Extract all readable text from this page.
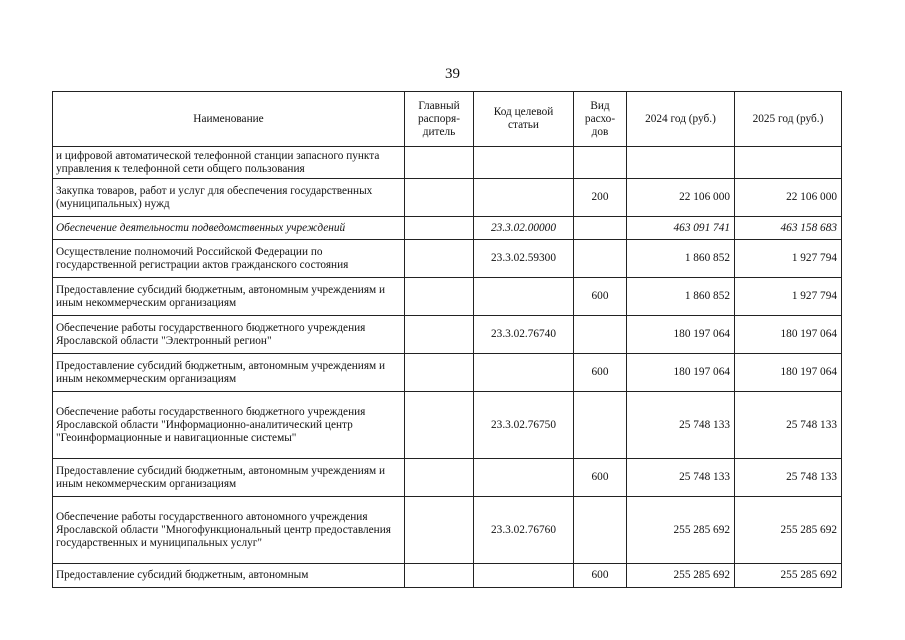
39
Наименование	Главный распоря-дитель	Код целевой статьи	Вид расхо-дов	2024 год (руб.)	2025 год (руб.)
и цифровой автоматической телефонной станции запасного пункта управления к телефонной сети общего пользования					
Закупка товаров, работ и услуг для обеспечения государственных (муниципальных) нужд			200	22 106 000	22 106 000
Обеспечение деятельности подведомственных учреждений		23.3.02.00000		463 091 741	463 158 683
Осуществление полномочий Российской Федерации по государственной регистрации актов гражданского состояния		23.3.02.59300		1 860 852	1 927 794
Предоставление субсидий бюджетным, автономным учреждениям и иным некоммерческим организациям			600	1 860 852	1 927 794
Обеспечение работы государственного бюджетного учреждения Ярославской области "Электронный регион"		23.3.02.76740		180 197 064	180 197 064
Предоставление субсидий бюджетным, автономным учреждениям и иным некоммерческим организациям			600	180 197 064	180 197 064
Обеспечение работы государственного бюджетного учреждения Ярославской области "Информационно-аналитический центр "Геоинформационные и навигационные системы"		23.3.02.76750		25 748 133	25 748 133
Предоставление субсидий бюджетным, автономным учреждениям и иным некоммерческим организациям			600	25 748 133	25 748 133
Обеспечение работы государственного автономного учреждения Ярославской области "Многофункциональный центр предоставления государственных и муниципальных услуг"		23.3.02.76760		255 285 692	255 285 692
Предоставление субсидий бюджетным, автономным			600	255 285 692	255 285 692
